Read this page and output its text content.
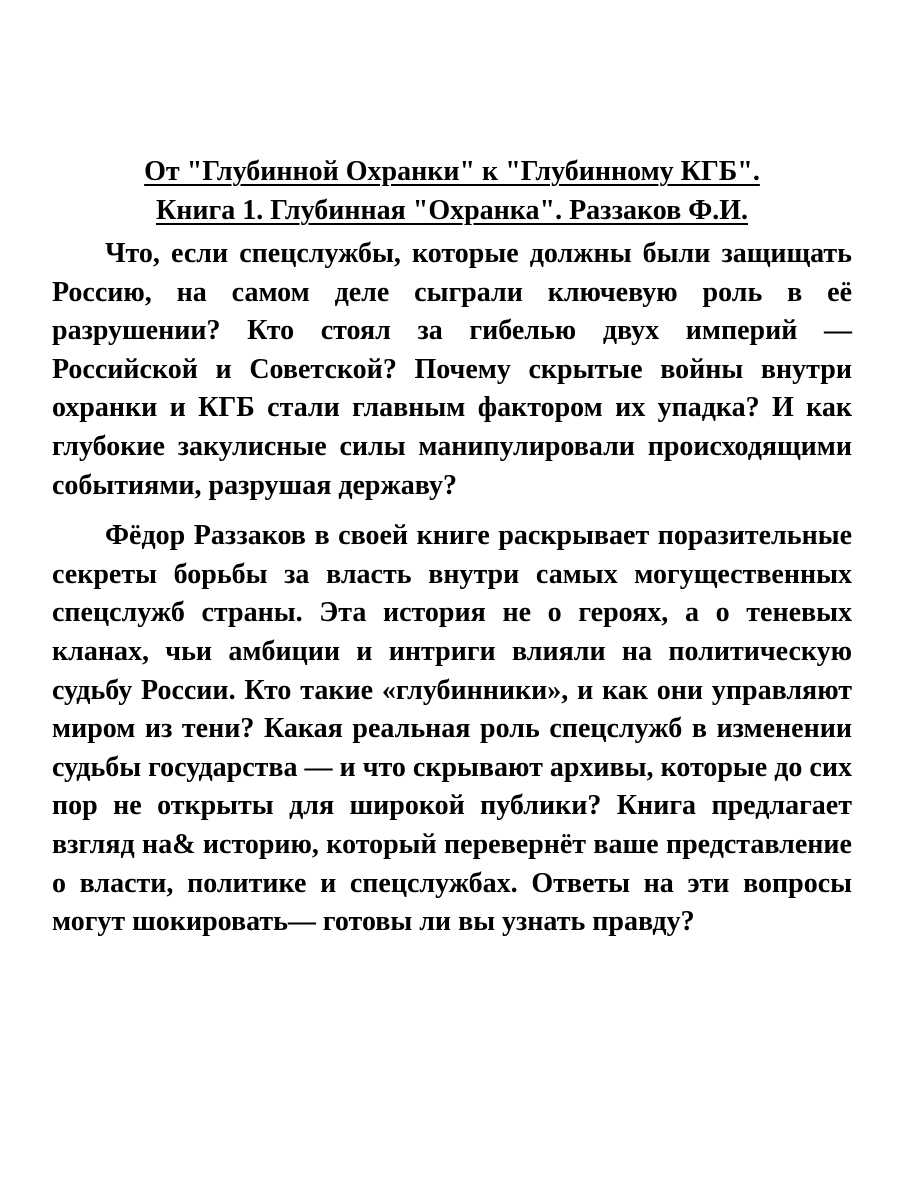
От "Глубинной Охранки" к "Глубинному КГБ".
Книга 1. Глубинная "Охранка". Раззаков Ф.И.

Что, если спецслужбы, которые должны были защищать Россию, на самом деле сыграли ключевую роль в её разрушении? Кто стоял за гибелью двух империй — Российской и Советской? Почему скрытые войны внутри охранки и КГБ стали главным фактором их упадка? И как глубокие закулисные силы манипулировали происходящими событиями, разрушая державу?

Фёдор Раззаков в своей книге раскрывает поразительные секреты борьбы за власть внутри самых могущественных спецслужб страны. Эта история не о героях, а о теневых кланах, чьи амбиции и интриги влияли на политическую судьбу России. Кто такие «глубинники», и как они управляют миром из тени? Какая реальная роль спецслужб в изменении судьбы государства — и что скрывают архивы, которые до сих пор не открыты для широкой публики? Книга предлагает взгляд на& историю, который перевернёт ваше представление о власти, политике и спецслужбах. Ответы на эти вопросы могут шокировать— готовы ли вы узнать правду?
